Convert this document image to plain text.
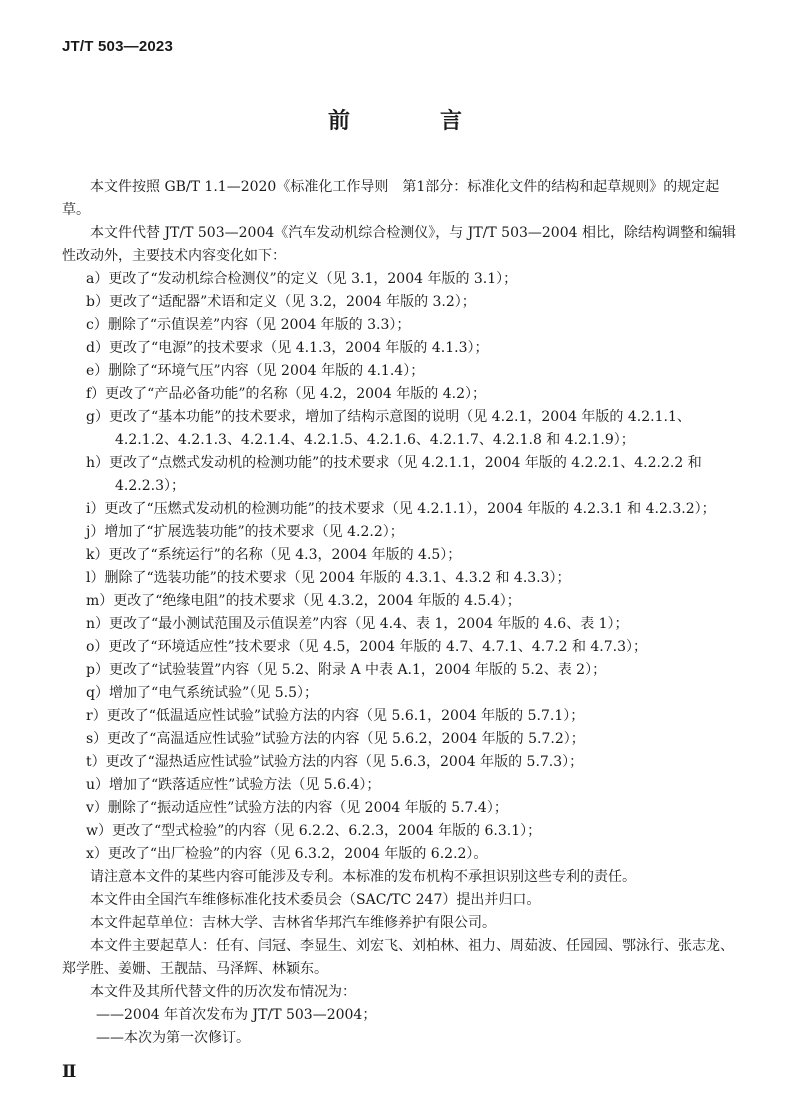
JT/T 503—2023
前　言

本文件按照 GB/T 1.1—2020《标准化工作导则　第1部分：标准化文件的结构和起草规则》的规定起草。

本文件代替 JT/T 503—2004《汽车发动机综合检测仪》，与 JT/T 503—2004 相比，除结构调整和编辑性改动外，主要技术内容变化如下：

a）更改了“发动机综合检测仪”的定义（见 3.1，2004 年版的 3.1）；

b）更改了“适配器”术语和定义（见 3.2，2004 年版的 3.2）；

c）删除了“示值误差”内容（见 2004 年版的 3.3）；

d）更改了“电源”的技术要求（见 4.1.3，2004 年版的 4.1.3）；

e）删除了“环境气压”内容（见 2004 年版的 4.1.4）；

f）更改了“产品必备功能”的名称（见 4.2，2004 年版的 4.2）；

g）更改了“基本功能”的技术要求，增加了结构示意图的说明（见 4.2.1，2004 年版的 4.2.1.1、4.2.1.2、4.2.1.3、4.2.1.4、4.2.1.5、4.2.1.6、4.2.1.7、4.2.1.8 和 4.2.1.9）；

h）更改了“点燃式发动机的检测功能”的技术要求（见 4.2.1.1，2004 年版的 4.2.2.1、4.2.2.2 和 4.2.2.3）；

i）更改了“压燃式发动机的检测功能”的技术要求（见 4.2.1.1），2004 年版的 4.2.3.1 和 4.2.3.2）；

j）增加了“扩展选装功能”的技术要求（见 4.2.2）；

k）更改了“系统运行”的名称（见 4.3，2004 年版的 4.5）；

l）删除了“选装功能”的技术要求（见 2004 年版的 4.3.1、4.3.2 和 4.3.3）；

m）更改了“绝缘电阻”的技术要求（见 4.3.2，2004 年版的 4.5.4）；

n）更改了“最小测试范围及示值误差”内容（见 4.4、表 1，2004 年版的 4.6、表 1）；

o）更改了“环境适应性”技术要求（见 4.5，2004 年版的 4.7、4.7.1、4.7.2 和 4.7.3）；

p）更改了“试验装置”内容（见 5.2、附录 A 中表 A.1，2004 年版的 5.2、表 2）；

q）增加了“电气系统试验”（见 5.5）；

r）更改了“低温适应性试验”试验方法的内容（见 5.6.1，2004 年版的 5.7.1）；

s）更改了“高温适应性试验”试验方法的内容（见 5.6.2，2004 年版的 5.7.2）；

t）更改了“湿热适应性试验”试验方法的内容（见 5.6.3，2004 年版的 5.7.3）；

u）增加了“跌落适应性”试验方法（见 5.6.4）；

v）删除了“振动适应性”试验方法的内容（见 2004 年版的 5.7.4）；

w）更改了“型式检验”的内容（见 6.2.2、6.2.3，2004 年版的 6.3.1）；

x）更改了“出厂检验”的内容（见 6.3.2，2004 年版的 6.2.2）。

请注意本文件的某些内容可能涉及专利。本标准的发布机构不承担识别这些专利的责任。

本文件由全国汽车维修标准化技术委员会（SAC/TC 247）提出并归口。

本文件起草单位：吉林大学、吉林省华邦汽车维修养护有限公司。

本文件主要起草人：任有、闫冠、李显生、刘宏飞、刘柏林、祖力、周茹波、任园园、鄂泳行、张志龙、郑学胜、姜姗、王靓喆、马泽辉、林颖东。

本文件及其所代替文件的历次发布情况为：

——2004 年首次发布为 JT/T 503—2004；

——本次为第一次修订。

Ⅱ
